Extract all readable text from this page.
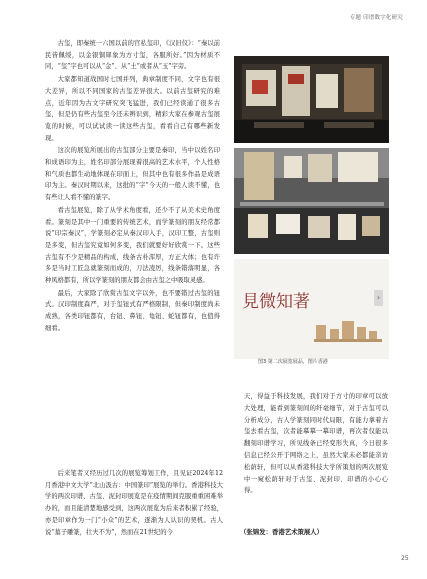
专题 印谱数字化研究

古玺，即秦统一六国以前的官私玺印，《汉旧仪》：“秦以前民皆佩绶，以金银铜犀象为方寸玺，各服所好。”因为材质不同，“玺”字也可以从“金”、从“土”或者从“玉”字旁。

大家都知道战国时七国并列，典章制度不同，文字也有很大差异，所以不同国家的古玺差异很大。以前古玺研究的难点，近年因为古文字研究突飞猛进，我们已经读通了很多古玺，但是仍有些古玺至今还未辨识到，精彩大家在参观古玺展览的时候，可以试试读一读这些古玺，看看自己有哪些新发现。

这次的展览所展出的古玺部分主要是秦印，当中以姓名印和成语印为主，姓名印部分展现着很高的艺术水平，个人性格和气质也都生动地体现在印面上，但其中也有很多作品是成语印为主。秦汉时期以来，这批的“字”今天的一般人读不懂，也有些让人看不懂的篆字。

看古玺展览，除了从学术角度看，还少不了从美术史角度看。篆刻是其中一门重要的传统艺术，而学篆刻的朋友经常都说“印宗秦汉”，学篆刻必定从秦汉印入手，汉印工整，古玺则是多变，但古玺究竟如何多变，我们就要好好欣赏一下。这些古玺有不少是精品的构成，线条古朴浑厚，方正大体；也有许多是当时工匠急就篆刻而成的，刀法凌厉，线条错落明显，各种风格都有，所以学篆刻的朋友都会由古玺之中吸取灵感。

最后，大家除了欣赏古玺文字以外，也不要错过古玺的钮式。汉印制度森严，对于玺钮式有严格限制，但秦印制度尚未成熟，各类印钮都有，台钮、鼻钮、龟钮、蛇钮都有，也值得细看。

后来笔者又经历过几次的展览筹划工作，且见证2024年12月香港中文大学“北山汲古：中国篆印”展览的举行。香港科技大学的两次印谱、古玺、泥封印展览是在疫情期间克服重重困难举办的，而且能清楚地感受到，这两次展览为后来者积累了经验，亦是印章作为一门“小众”的艺术，逐渐为人认识的契机。古人说“墓子雕篆，壮夫不为”，然而在21世纪的今

天，得益于科技发展，我们对于方寸的印章可以放大处理，能看到篆刻间的纤毫细节，对于古玺可以分析成分，古人学篆刻同时代局限，有能力拿着古玺去看古玺，次者能摹摹一摹印谱，再次者仅能以翻刻印谱学习，所见线条已经变形失真，今日很多信息已经公开于网络之上，虽然大家未必都能亲访松荫轩，但可以从香港科技大学所策划的两次展览中一窥松荫轩对于古玺、泥封印、印谱的小心心得。

（张锦发：香港艺术策展人）
見微知著	›
图3 第二次展览展品，图片香港
25
